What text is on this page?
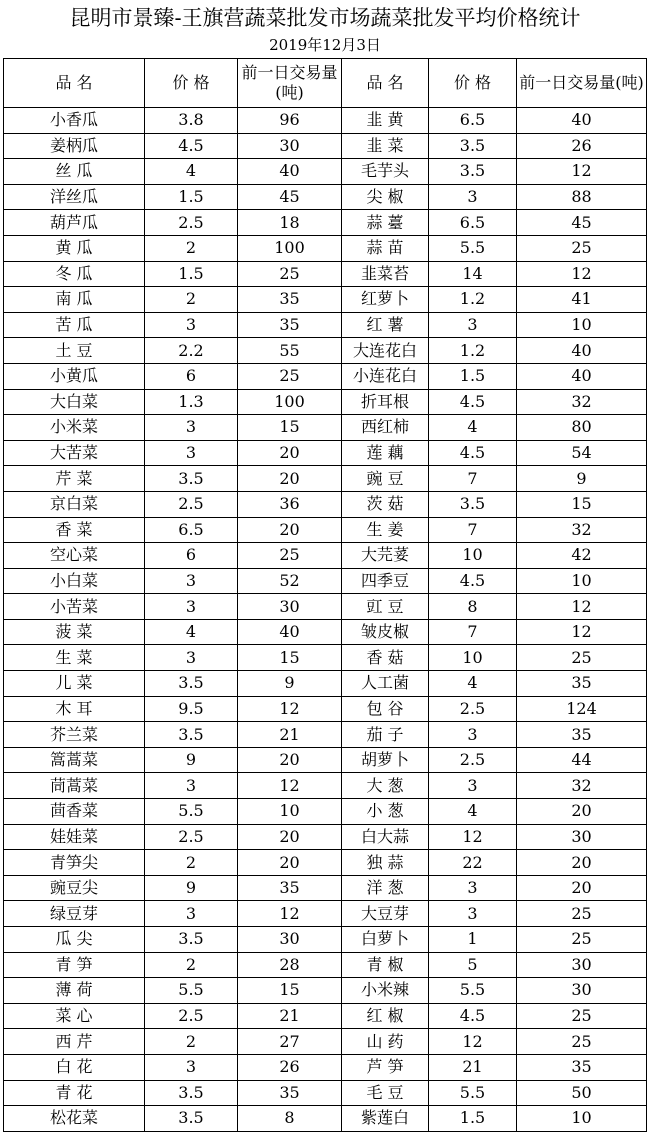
昆明市景臻-王旗营蔬菜批发市场蔬菜批发平均价格统计
2019年12月3日
品 名	价 格	前一日交易量(吨)	品 名	价 格	前一日交易量(吨)
小香瓜	3.8	96	韭 黄	6.5	40
姜柄瓜	4.5	30	韭 菜	3.5	26
丝 瓜	4	40	毛芋头	3.5	12
洋丝瓜	1.5	45	尖 椒	3	88
葫芦瓜	2.5	18	蒜 薹	6.5	45
黄 瓜	2	100	蒜 苗	5.5	25
冬 瓜	1.5	25	韭菜苔	14	12
南 瓜	2	35	红萝卜	1.2	41
苦 瓜	3	35	红 薯	3	10
土 豆	2.2	55	大连花白	1.2	40
小黄瓜	6	25	小连花白	1.5	40
大白菜	1.3	100	折耳根	4.5	32
小米菜	3	15	西红柿	4	80
大苦菜	3	20	莲 藕	4.5	54
芹 菜	3.5	20	豌 豆	7	9
京白菜	2.5	36	茨 菇	3.5	15
香 菜	6.5	20	生 姜	7	32
空心菜	6	25	大芫荽	10	42
小白菜	3	52	四季豆	4.5	10
小苦菜	3	30	豇 豆	8	12
菠 菜	4	40	皱皮椒	7	12
生 菜	3	15	香 菇	10	25
儿 菜	3.5	9	人工菌	4	35
木 耳	9.5	12	包 谷	2.5	124
芥兰菜	3.5	21	茄 子	3	35
篙蒿菜	9	20	胡萝卜	2.5	44
茼蒿菜	3	12	大 葱	3	32
茴香菜	5.5	10	小 葱	4	20
娃娃菜	2.5	20	白大蒜	12	30
青笋尖	2	20	独 蒜	22	20
豌豆尖	9	35	洋 葱	3	20
绿豆芽	3	12	大豆芽	3	25
瓜 尖	3.5	30	白萝卜	1	25
青 笋	2	28	青 椒	5	30
薄 荷	5.5	15	小米辣	5.5	30
菜 心	2.5	21	红 椒	4.5	25
西 芹	2	27	山 药	12	25
白 花	3	26	芦 笋	21	35
青 花	3.5	35	毛 豆	5.5	50
松花菜	3.5	8	紫莲白	1.5	10
